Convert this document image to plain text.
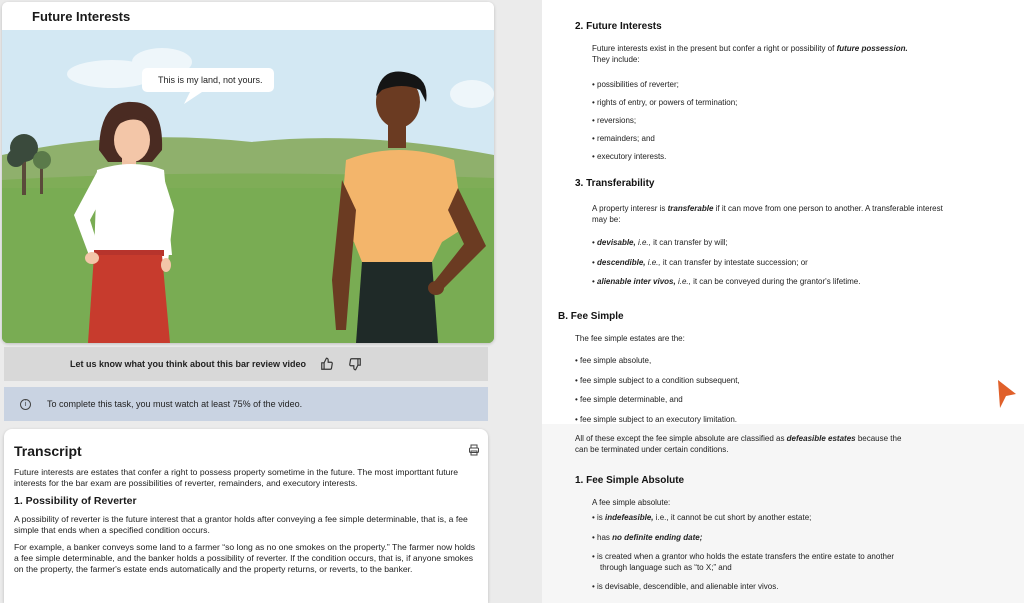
Future Interests
This is my land, not yours.
Let us know what you think about this bar review video
i	To complete this task, you must watch at least 75% of the video.
Transcript
Future interests are estates that confer a right to possess property sometime in the future. The most importtant future interests for the bar exam are possibilities of reverter, remainders, and executory interests.
1. Possibility of Reverter
A possibility of reverter is the future interest that a grantor holds after conveying a fee simple determinable, that is, a fee simple that ends when a specified condition occurs.
For example, a banker conveys some land to a farmer “so long as no one smokes on the property.” The farmer now holds a fee simple determinable, and the banker holds a possibility of reverter. If the condition occurs, that is, if anyone smokes on the property, the farmer's estate ends automatically and the property returns, or reverts, to the banker.
2. Future Interests
Future interests exist in the present but confer a right or possibility of future possession.
They include:
• possibilities of reverter;
• rights of entry, or powers of termination;
• reversions;
• remainders; and
• executory interests.
3. Transferability
A property interesr is transferable if it can move from one person to another. A transferable interest
may be:
• devisable, i.e., it can transfer by will;
• descendible, i.e., it can transfer by intestate succession; or
• alienable inter vivos, i.e., it can be conveyed during the grantor's lifetime.
B. Fee Simple
The fee simple estates are the:
• fee simple absolute,
• fee simple subject to a condition subsequent,
• fee simple determinable, and
• fee simple subject to an executory limitation.
All of these except the fee simple absolute are classified as defeasible estates because the
can be terminated under certain conditions.
1. Fee Simple Absolute
A fee simple absolute:
• is indefeasible, i.e., it cannot be cut short by another estate;
• has no definite ending date;
• is created when a grantor who holds the estate transfers the entire estate to another
through language such as “to X;” and
• is devisable, descendible, and alienable inter vivos.
